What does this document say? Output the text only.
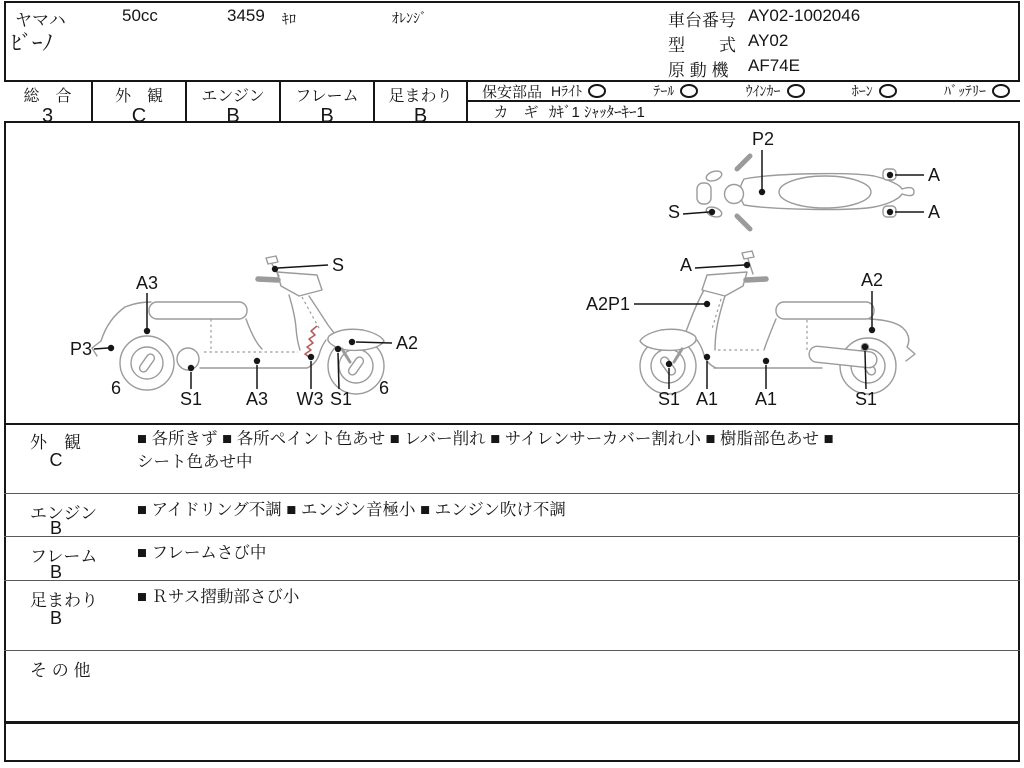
ヤマハ	50cc	3459 ｷﾛ	ｵﾚﾝｼﾞ
ﾋﾞｰﾉ
車台番号 AY02-1002046
型　　式 AY02
原 動 機	AF74E
総　合
3
外　観
C
エンジン
B
フレーム
B
足まわり
B
保安部品 Hﾗｲﾄ	ﾃｰﾙ	ｳｲﾝｶｰ	ﾎｰﾝ	ﾊﾞｯﾃﾘｰ
カ　ギ ｶｷﾞ1 ｼｬｯﾀｰｷｰ1
P2
S
A
A
A3
S
P3
6
S1 A3 W3 S1
A2
6
A
A2P1
A2
S1 A1 A1	S1
外　観
C
■ 各所きず ■ 各所ペイント色あせ ■ レバー削れ ■ サイレンサーカバー割れ小 ■ 樹脂部色あせ ■
シート色あせ中
エンジン
B
■ アイドリング不調 ■ エンジン音極小 ■ エンジン吹け不調
フレーム
B
■ フレームさび中
足まわり
B
■ Ｒサス摺動部さび小
そ の 他
